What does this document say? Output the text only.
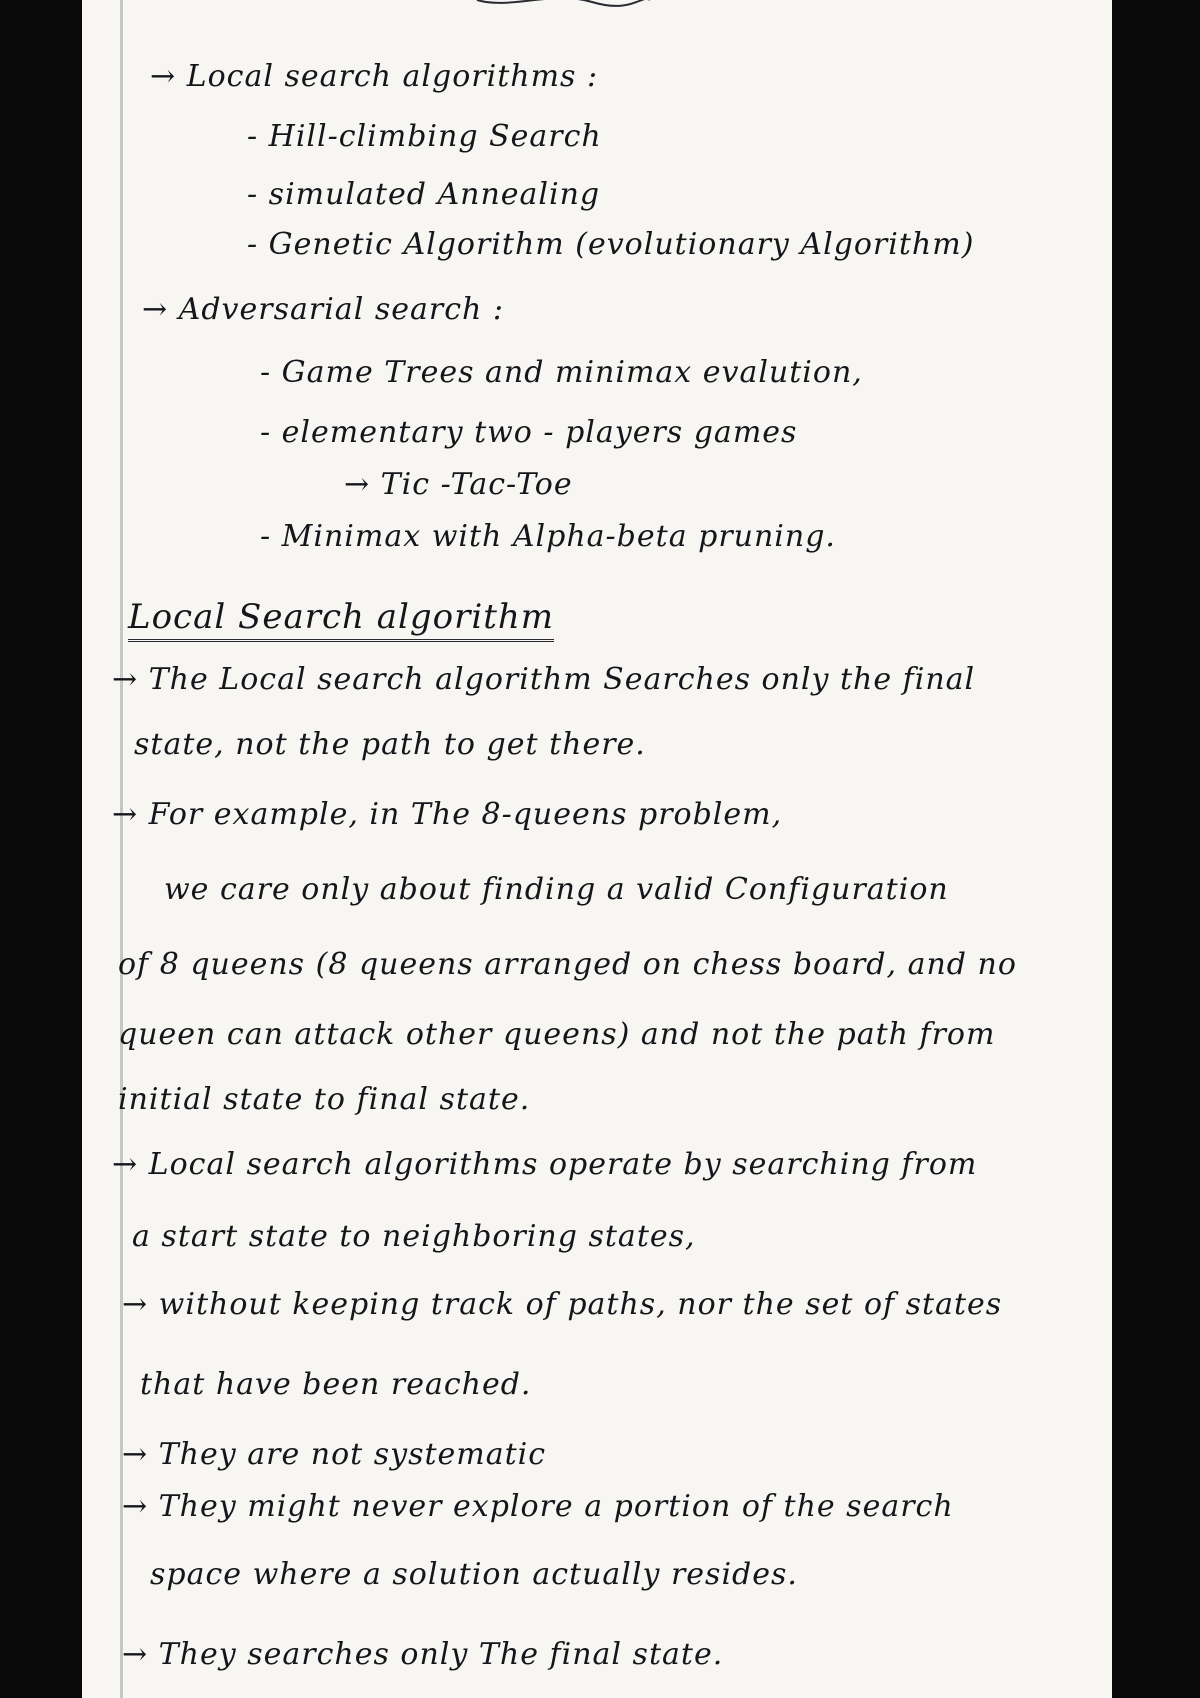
→ Local search algorithms :
- Hill-climbing Search
- simulated Annealing
- Genetic Algorithm (evolutionary Algorithm)
→ Adversarial search :
- Game Trees and minimax evalution,
- elementary two - players games
→ Tic -Tac-Toe
- Minimax with Alpha-beta pruning.
Local Search algorithm
→ The Local search algorithm Searches only the final
state, not the path to get there.
→ For example, in The 8-queens problem,
we care only about finding a valid Configuration
of 8 queens (8 queens arranged on chess board, and no
queen can attack other queens) and not the path from
initial state to final state.
→ Local search algorithms operate by searching from
a start state to neighboring states,
→ without keeping track of paths, nor the set of states
that have been reached.
→ They are not systematic
→ They might never explore a portion of the search
space where a solution actually resides.
→ They searches only The final state.
